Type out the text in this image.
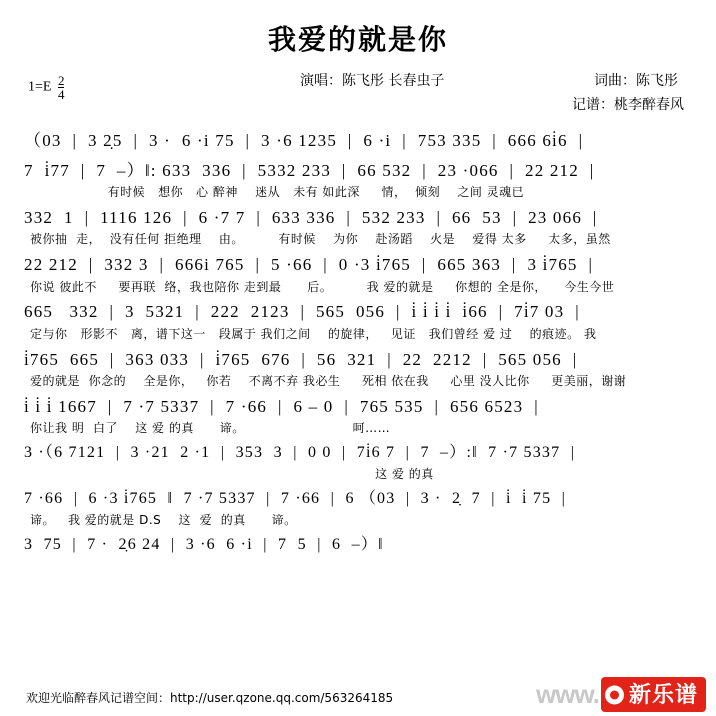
我爱的就是你
$1=E \frac{2}{4}$	演唱：陈飞彤 长春虫子	词曲：陈飞彤
记谱：桃李醉春风
（03  |  3 2̣5  |  3 ·  6 ·i 75  |  3 ·6 1235  |  6 ·i  |  753 335  |  666 6i̇6  |
7  i̇77  |  7  –）‖: 633  336  |  5332 233  |  66 532  |  23 ·066  |  22 212  |
有时候   想你   心 醉神    迷从   未有 如此深     情，  倾刻    之间 灵魂已
332  1  |  1116 126  |  6 ·7 7  |  633 336  |  532 233  |  66  53  |  23 066  |
被你抽  走，  没有任何 拒绝理    由。        有时候    为你    赴汤蹈    火是    爱得 太多     太多，虽然
22 212  |  332 3  |  666i 765  |  5 ·66  |  0 ·3 i̇765  |  665 363  |  3 i̇765  |
你说 彼此不     要再联  络，我也陪你 走到最      后。        我 爱的就是     你想的 全是你，    今生今世
665   332  |  3  5321  |  222  2123  |  565  056  |  i̇ i̇ i̇ i̇  i̇66  |  7i̇7 03  |
定与你   形影不   离，谱下这一   段属于 我们之间    的旋律，   见证   我们曾经 爱 过    的痕迹。 我
i̇765  665  |  363 033  |  i̇765  676  |  56  321  |  22  2212  |  565 056  |
爱的就是  你念的    全是你，   你若    不离不弃 我必生     死相 依在我     心里 没人比你     更美丽，谢谢
i̇ i̇ i̇ 1667  |  7 ·7 5337  |  7 ·66  |  6 – 0  |  765 535  |  656 6523  |
你让我 明  白了    这 爱 的真      谛。                         呵……
3 ·（6 7121  |  3 ·21  2 ·1  |  353  3  |  0 0  |  7i̇6 7  |  7  –）:‖  7 ·7 5337  |
这 爱 的真
7 ·66  |  6 ·3 i̇765  ‖  7 ·7 5337  |  7 ·66  |  6 （03  |  3 ·  2̣  7  |  i̇  i̇ 75  |
谛。   我 爱的就是 D.S    这  爱  的真      谛。
3  75  |  7 ·  2̣6 24  |  3 ·6  6 ·i  |  7  5  |  6  –）‖
欢迎光临醉春风记谱空间：http://user.qzone.qq.com/563264185	www.	新乐谱
